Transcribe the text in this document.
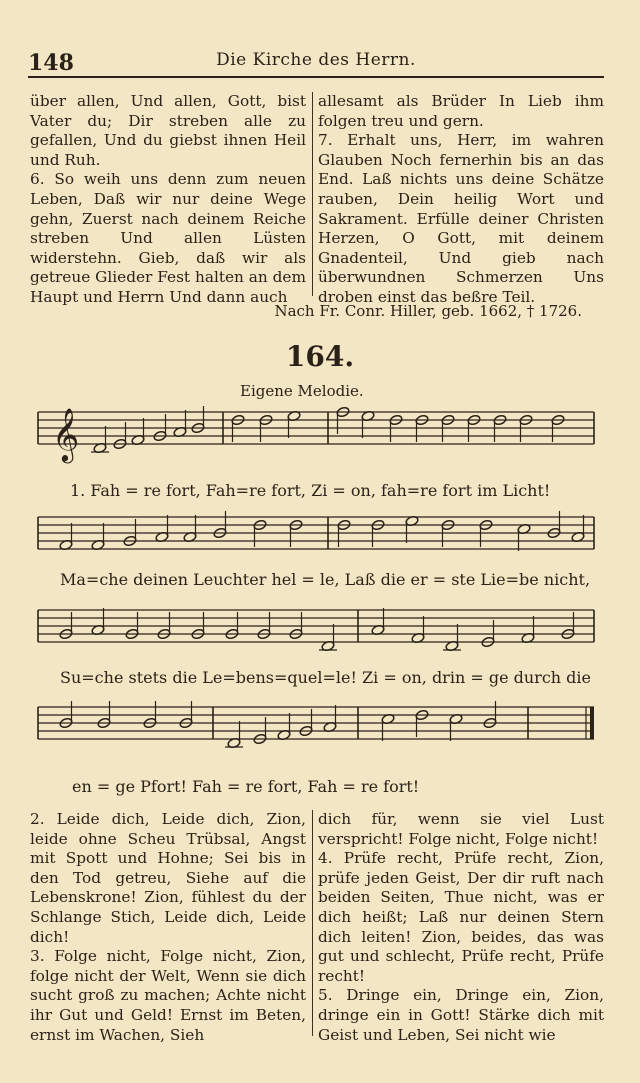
148	Die Kirche des Herrn.

über allen, Und allen, Gott, bist Vater du; Dir streben alle zu gefallen, Und du giebst ihnen Heil und Ruh.

6. So weih uns denn zum neuen Leben, Daß wir nur deine Wege gehn, Zuerst nach deinem Reiche streben Und allen Lüsten widerstehn. Gieb, daß wir als getreue Glieder Fest halten an dem Haupt und Herrn Und dann auch

allesamt als Brüder In Lieb ihm folgen treu und gern.

7. Erhalt uns, Herr, im wahren Glauben Noch fernerhin bis an das End. Laß nichts uns deine Schätze rauben, Dein heilig Wort und Sakrament. Erfülle deiner Christen Herzen, O Gott, mit deinem Gnadenteil, Und gieb nach überwundnen Schmerzen Uns droben einst das beßre Teil.

Nach Fr. Conr. Hiller, geb. 1662, † 1726.
164.
Eigene Melodie.
𝄞
1. Fah = re fort, Fah=re fort, Zi = on, fah=re fort im Licht!
Ma=che deinen Leuchter hel = le, Laß die er = ste Lie=be nicht,
Su=che stets die Le=bens=quel=le! Zi = on, drin = ge durch die
en = ge Pfort! Fah = re fort, Fah = re fort!

2. Leide dich, Leide dich, Zion, leide ohne Scheu Trübsal, Angst mit Spott und Hohne; Sei bis in den Tod getreu, Siehe auf die Lebenskrone! Zion, fühlest du der Schlange Stich, Leide dich, Leide dich!

3. Folge nicht, Folge nicht, Zion, folge nicht der Welt, Wenn sie dich sucht groß zu machen; Achte nicht ihr Gut und Geld! Ernst im Beten, ernst im Wachen, Sieh

dich für, wenn sie viel Lust verspricht! Folge nicht, Folge nicht!

4. Prüfe recht, Prüfe recht, Zion, prüfe jeden Geist, Der dir ruft nach beiden Seiten, Thue nicht, was er dich heißt; Laß nur deinen Stern dich leiten! Zion, beides, das was gut und schlecht, Prüfe recht, Prüfe recht!

5. Dringe ein, Dringe ein, Zion, dringe ein in Gott! Stärke dich mit Geist und Leben, Sei nicht wie
